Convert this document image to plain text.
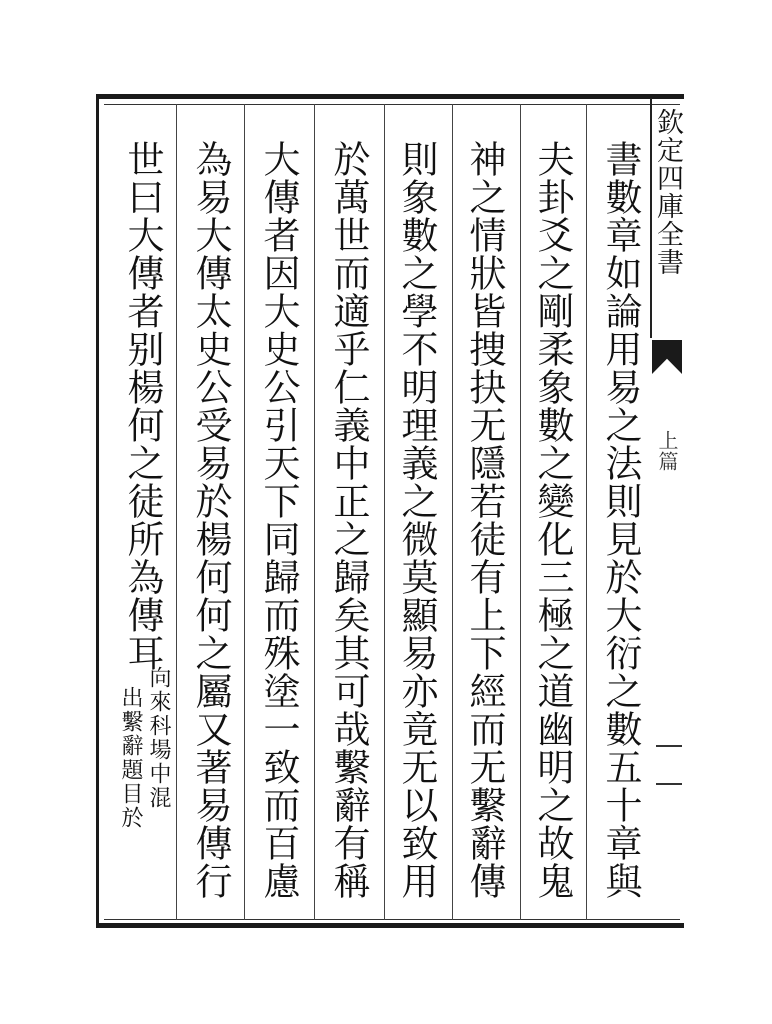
欽定四庫全書
上篇
書數章如論用易之法則見於大衍之數五十章與
夫卦爻之剛柔象數之變化三極之道幽明之故鬼
神之情狀皆捜抉无隱若徒有上下經而无繫辭傳
則象數之學不明理義之微莫顯易亦竟无以致用
於萬世而適乎仁義中正之歸矣其可哉繫辭有稱
大傳者因大史公引天下同歸而殊塗一致而百慮
為易大傳太史公受易於楊何何之屬又著易傳行
世曰大傳者别楊何之徒所為傳耳
向來科場中混
出繫辭題目於
